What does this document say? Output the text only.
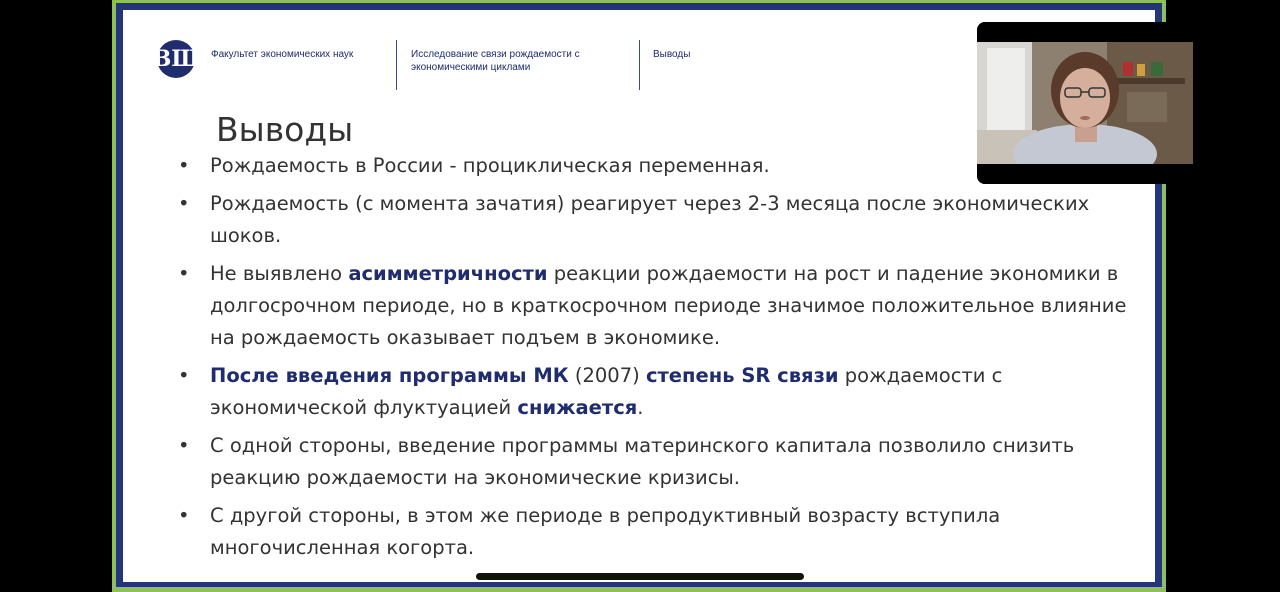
ВШ Факультет экономических наук	Исследование связи рождаемости с
экономическими циклами
Выводы
Выводы
• Рождаемость в России - проциклическая переменная.
• Рождаемость (с момента зачатия) реагирует через 2-3 месяца после экономических шоков.
• Не выявлено асимметричности реакции рождаемости на рост и падение экономики в долгосрочном периоде, но в краткосрочном периоде значимое положительное влияние на рождаемость оказывает подъем в экономике.
• После введения программы МК (2007) степень SR связи рождаемости с экономической флуктуацией снижается.
• С одной стороны, введение программы материнского капитала позволило снизить реакцию рождаемости на экономические кризисы.
• С другой стороны, в этом же периоде в репродуктивный возрасту вступила многочисленная когорта.
